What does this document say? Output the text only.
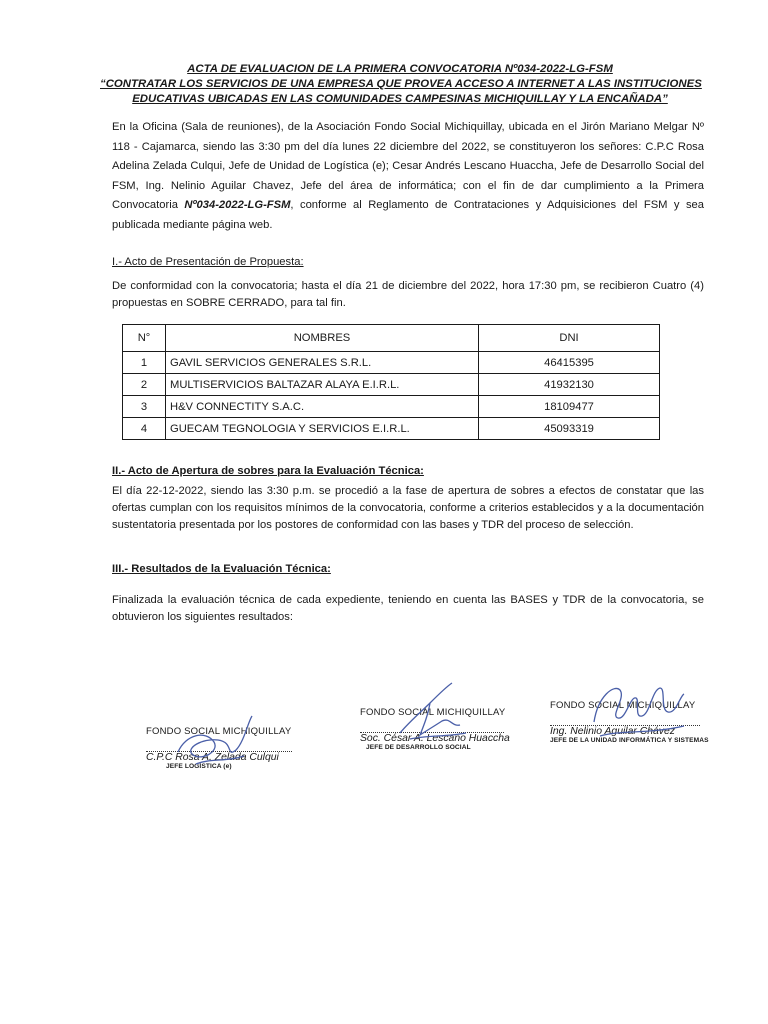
ACTA DE EVALUACION DE LA PRIMERA CONVOCATORIA Nº034-2022-LG-FSM
“CONTRATAR LOS SERVICIOS DE UNA EMPRESA QUE PROVEA ACCESO A INTERNET A LAS INSTITUCIONES
EDUCATIVAS UBICADAS EN LAS COMUNIDADES CAMPESINAS MICHIQUILLAY Y LA ENCAÑADA”
En la Oficina (Sala de reuniones), de la Asociación Fondo Social Michiquillay, ubicada en el Jirón Mariano Melgar Nº 118 - Cajamarca, siendo las 3:30 pm del día lunes 22 diciembre del 2022, se constituyeron los señores: C.P.C Rosa Adelina Zelada Culqui, Jefe de Unidad de Logística (e); Cesar Andrés Lescano Huaccha, Jefe de Desarrollo Social del FSM, Ing. Nelinio Aguilar Chavez, Jefe del área de informática; con el fin de dar cumplimiento a la Primera Convocatoria Nº034-2022-LG-FSM, conforme al Reglamento de Contrataciones y Adquisiciones del FSM y sea publicada mediante página web.
I.- Acto de Presentación de Propuesta:
De conformidad con la convocatoria; hasta el día 21 de diciembre del 2022, hora 17:30 pm, se recibieron Cuatro (4) propuestas en SOBRE CERRADO, para tal fin.
N°	NOMBRES	DNI
1	GAVIL SERVICIOS GENERALES S.R.L.	46415395
2	MULTISERVICIOS BALTAZAR ALAYA E.I.R.L.	41932130
3	H&V CONNECTITY S.A.C.	18109477
4	GUECAM TEGNOLOGIA Y SERVICIOS E.I.R.L.	45093319
II.- Acto de Apertura de sobres para la Evaluación Técnica:
El día 22-12-2022, siendo las 3:30 p.m. se procedió a la fase de apertura de sobres a efectos de constatar que las ofertas cumplan con los requisitos mínimos de la convocatoria, conforme a criterios establecidos y a la documentación sustentatoria presentada por los postores de conformidad con las bases y TDR del proceso de selección.
III.- Resultados de la Evaluación Técnica:
Finalizada la evaluación técnica de cada expediente, teniendo en cuenta las BASES y TDR de la convocatoria, se obtuvieron los siguientes resultados:
FONDO SOCIAL MICHIQUILLAY
C.P.C Rosa A. Zelada Culqui
JEFE LOGÍSTICA (e)
FONDO SOCIAL MICHIQUILLAY
Soc. César A. Lescano Huaccha
JEFE DE DESARROLLO SOCIAL
FONDO SOCIAL MICHIQUILLAY
Ing. Nelinio Aguilar Chávez
JEFE DE LA UNIDAD INFORMÁTICA Y SISTEMAS
